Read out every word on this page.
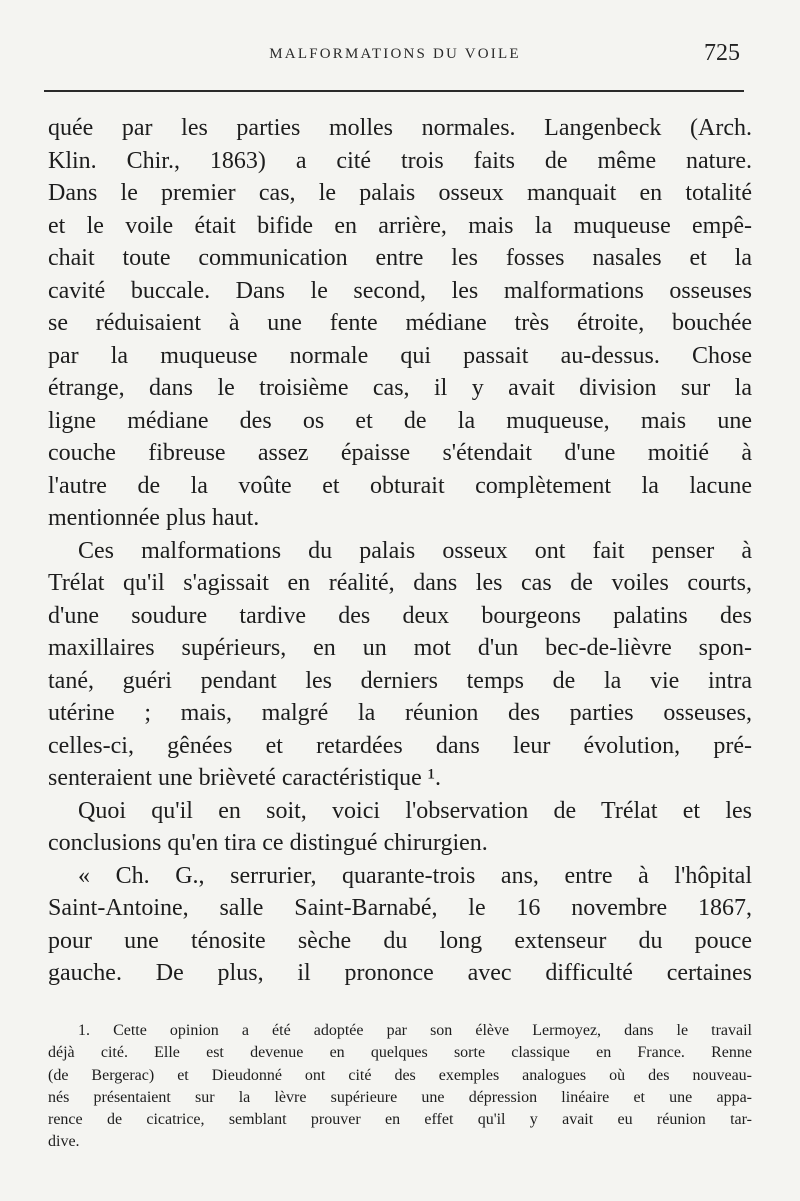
MALFORMATIONS DU VOILE	725
quée par les parties molles normales. Langenbeck (Arch.
Klin. Chir., 1863) a cité trois faits de même nature.
Dans le premier cas, le palais osseux manquait en totalité
et le voile était bifide en arrière, mais la muqueuse empê-
chait toute communication entre les fosses nasales et la
cavité buccale. Dans le second, les malformations osseuses
se réduisaient à une fente médiane très étroite, bouchée
par la muqueuse normale qui passait au-dessus. Chose
étrange, dans le troisième cas, il y avait division sur la
ligne médiane des os et de la muqueuse, mais une
couche fibreuse assez épaisse s'étendait d'une moitié à
l'autre de la voûte et obturait complètement la lacune
mentionnée plus haut.
Ces malformations du palais osseux ont fait penser à
Trélat qu'il s'agissait en réalité, dans les cas de voiles courts,
d'une soudure tardive des deux bourgeons palatins des
maxillaires supérieurs, en un mot d'un bec-de-lièvre spon-
tané, guéri pendant les derniers temps de la vie intra
utérine ; mais, malgré la réunion des parties osseuses,
celles-ci, gênées et retardées dans leur évolution, pré-
senteraient une brièveté caractéristique ¹.
Quoi qu'il en soit, voici l'observation de Trélat et les
conclusions qu'en tira ce distingué chirurgien.
« Ch. G., serrurier, quarante-trois ans, entre à l'hôpital
Saint-Antoine, salle Saint-Barnabé, le 16 novembre 1867,
pour une ténosite sèche du long extenseur du pouce
gauche. De plus, il prononce avec difficulté certaines
1. Cette opinion a été adoptée par son élève Lermoyez, dans le travail
déjà cité. Elle est devenue en quelques sorte classique en France. Renne
(de Bergerac) et Dieudonné ont cité des exemples analogues où des nouveau-
nés présentaient sur la lèvre supérieure une dépression linéaire et une appa-
rence de cicatrice, semblant prouver en effet qu'il y avait eu réunion tar-
dive.
